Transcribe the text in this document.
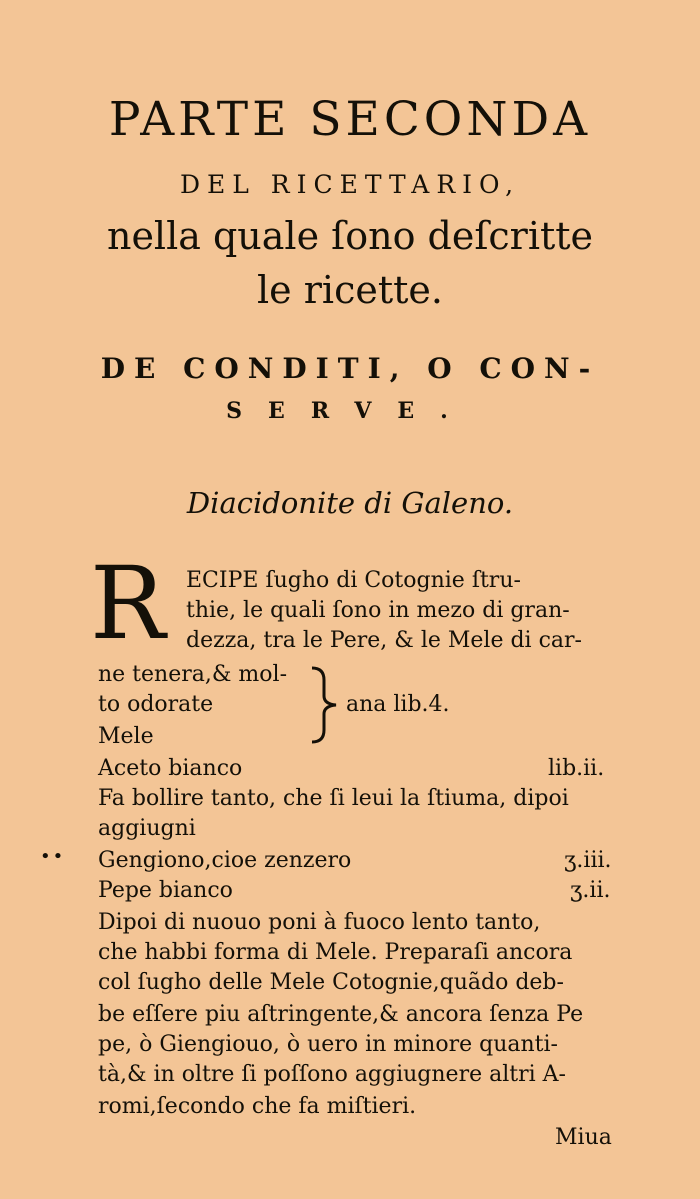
PARTE SECONDA
DEL RICETTARIO,
nella quale ſono deſcritte
le ricette.
DE CONDITI, O CON-
SERVE.
Diacidonite di Galeno.
R ECIPE ſugho di Cotognie ſtru-
thie, le quali ſono in mezo di gran-
dezza, tra le Pere, & le Mele di car-
ne tenera,& mol-
to odorate
Mele
ana lib.4.
Aceto bianco	lib.ii.
Fa bollire tanto, che ſi leui la ſtiuma, dipoi
aggiugni
•• Gengiono,cioe zenzero	ʒ.iii.
Pepe bianco	ʒ.ii.
Dipoi di nuouo poni à fuoco lento tanto,
che habbi forma di Mele. Preparaſi ancora
col ſugho delle Mele Cotognie,quãdo deb-
be eſſere piu aſtringente,& ancora ſenza Pe
pe, ò Giengiouo, ò uero in minore quanti-
tà,& in oltre ſi poſſono aggiugnere altri A-
romi,ſecondo che fa miſtieri.
Miua
